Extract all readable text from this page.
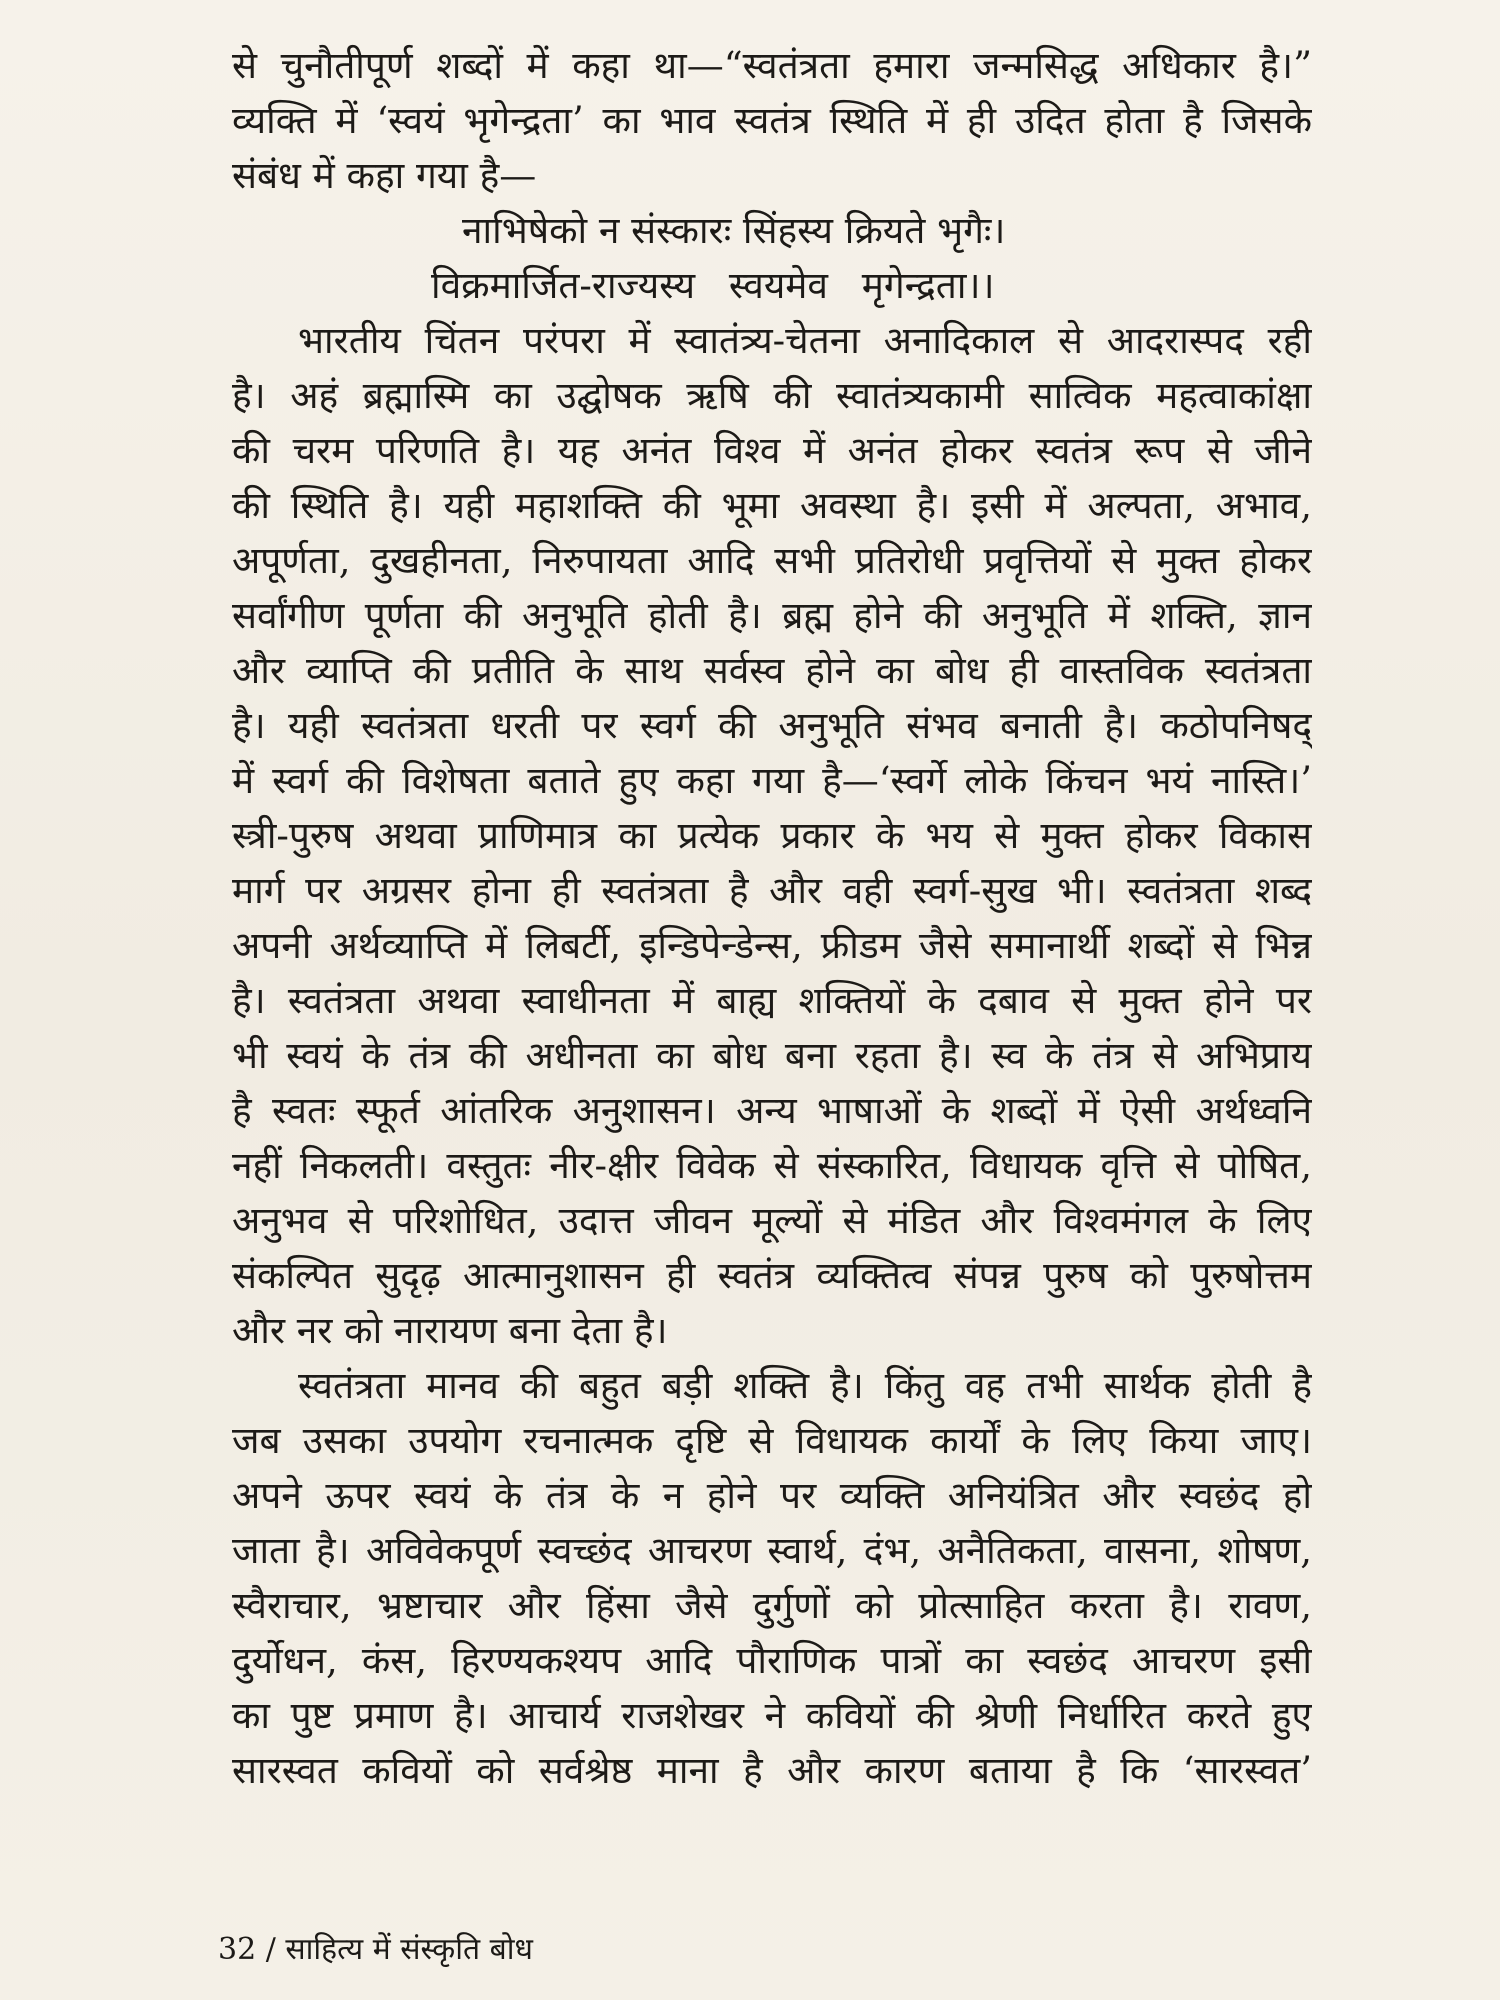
से चुनौतीपूर्ण शब्दों में कहा था—“स्वतंत्रता हमारा जन्मसिद्ध अधिकार है।”
व्यक्ति में ‘स्वयं भृगेन्द्रता’ का भाव स्वतंत्र स्थिति में ही उदित होता है जिसके
संबंध में कहा गया है—
नाभिषेको न संस्कारः सिंहस्य क्रियते भृगैः।
विक्रमार्जित-राज्यस्य स्वयमेव मृगेन्द्रता।।
भारतीय चिंतन परंपरा में स्वातंत्र्य-चेतना अनादिकाल से आदरास्पद रही
है। अहं ब्रह्मास्मि का उद्घोषक ऋषि की स्वातंत्र्यकामी सात्विक महत्वाकांक्षा
की चरम परिणति है। यह अनंत विश्व में अनंत होकर स्वतंत्र रूप से जीने
की स्थिति है। यही महाशक्ति की भूमा अवस्था है। इसी में अल्पता, अभाव,
अपूर्णता, दुखहीनता, निरुपायता आदि सभी प्रतिरोधी प्रवृत्तियों से मुक्त होकर
सर्वांगीण पूर्णता की अनुभूति होती है। ब्रह्म होने की अनुभूति में शक्ति, ज्ञान
और व्याप्ति की प्रतीति के साथ सर्वस्व होने का बोध ही वास्तविक स्वतंत्रता
है। यही स्वतंत्रता धरती पर स्वर्ग की अनुभूति संभव बनाती है। कठोपनिषद्
में स्वर्ग की विशेषता बताते हुए कहा गया है—‘स्वर्गे लोके किंचन भयं नास्ति।’
स्त्री-पुरुष अथवा प्राणिमात्र का प्रत्येक प्रकार के भय से मुक्त होकर विकास
मार्ग पर अग्रसर होना ही स्वतंत्रता है और वही स्वर्ग-सुख भी। स्वतंत्रता शब्द
अपनी अर्थव्याप्ति में लिबर्टी, इन्डिपेन्डेन्स, फ्रीडम जैसे समानार्थी शब्दों से भिन्न
है। स्वतंत्रता अथवा स्वाधीनता में बाह्य शक्तियों के दबाव से मुक्त होने पर
भी स्वयं के तंत्र की अधीनता का बोध बना रहता है। स्व के तंत्र से अभिप्राय
है स्वतः स्फूर्त आंतरिक अनुशासन। अन्य भाषाओं के शब्दों में ऐसी अर्थध्वनि
नहीं निकलती। वस्तुतः नीर-क्षीर विवेक से संस्कारित, विधायक वृत्ति से पोषित,
अनुभव से परिशोधित, उदात्त जीवन मूल्यों से मंडित और विश्वमंगल के लिए
संकल्पित सुदृढ़ आत्मानुशासन ही स्वतंत्र व्यक्तित्व संपन्न पुरुष को पुरुषोत्तम
और नर को नारायण बना देता है।
स्वतंत्रता मानव की बहुत बड़ी शक्ति है। किंतु वह तभी सार्थक होती है
जब उसका उपयोग रचनात्मक दृष्टि से विधायक कार्यों के लिए किया जाए।
अपने ऊपर स्वयं के तंत्र के न होने पर व्यक्ति अनियंत्रित और स्वछंद हो
जाता है। अविवेकपूर्ण स्वच्छंद आचरण स्वार्थ, दंभ, अनैतिकता, वासना, शोषण,
स्वैराचार, भ्रष्टाचार और हिंसा जैसे दुर्गुणों को प्रोत्साहित करता है। रावण,
दुर्योधन, कंस, हिरण्यकश्यप आदि पौराणिक पात्रों का स्वछंद आचरण इसी
का पुष्ट प्रमाण है। आचार्य राजशेखर ने कवियों की श्रेणी निर्धारित करते हुए
सारस्वत कवियों को सर्वश्रेष्ठ माना है और कारण बताया है कि ‘सारस्वत’
32 / साहित्य में संस्कृति बोध
